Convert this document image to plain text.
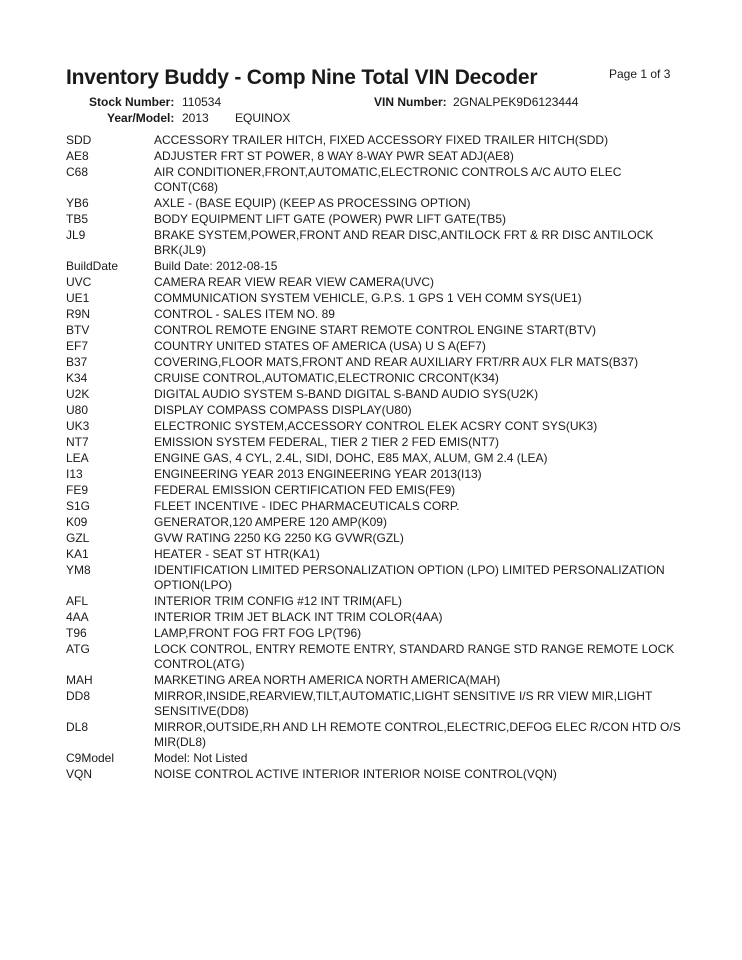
Inventory Buddy - Comp Nine Total VIN Decoder	Page 1 of 3
Stock Number: 110534	VIN Number: 2GNALPEK9D6123444
Year/Model: 2013 EQUINOX
SDD	ACCESSORY TRAILER HITCH, FIXED ACCESSORY FIXED TRAILER HITCH(SDD)
AE8	ADJUSTER FRT ST POWER, 8 WAY 8-WAY PWR SEAT ADJ(AE8)
C68	AIR CONDITIONER,FRONT,AUTOMATIC,ELECTRONIC CONTROLS A/C AUTO ELEC CONT(C68)
YB6	AXLE - (BASE EQUIP) (KEEP AS PROCESSING OPTION)
TB5	BODY EQUIPMENT LIFT GATE (POWER) PWR LIFT GATE(TB5)
JL9	BRAKE SYSTEM,POWER,FRONT AND REAR DISC,ANTILOCK FRT & RR DISC ANTILOCK BRK(JL9)
BuildDate	Build Date: 2012-08-15
UVC	CAMERA REAR VIEW REAR VIEW CAMERA(UVC)
UE1	COMMUNICATION SYSTEM VEHICLE, G.P.S. 1 GPS 1 VEH COMM SYS(UE1)
R9N	CONTROL - SALES ITEM NO. 89
BTV	CONTROL REMOTE ENGINE START REMOTE CONTROL ENGINE START(BTV)
EF7	COUNTRY UNITED STATES OF AMERICA (USA) U S A(EF7)
B37	COVERING,FLOOR MATS,FRONT AND REAR AUXILIARY FRT/RR AUX FLR MATS(B37)
K34	CRUISE CONTROL,AUTOMATIC,ELECTRONIC CRCONT(K34)
U2K	DIGITAL AUDIO SYSTEM S-BAND DIGITAL S-BAND AUDIO SYS(U2K)
U80	DISPLAY COMPASS COMPASS DISPLAY(U80)
UK3	ELECTRONIC SYSTEM,ACCESSORY CONTROL ELEK ACSRY CONT SYS(UK3)
NT7	EMISSION SYSTEM FEDERAL, TIER 2 TIER 2 FED EMIS(NT7)
LEA	ENGINE GAS, 4 CYL, 2.4L, SIDI, DOHC, E85 MAX, ALUM, GM 2.4 (LEA)
I13	ENGINEERING YEAR 2013 ENGINEERING YEAR 2013(I13)
FE9	FEDERAL EMISSION CERTIFICATION FED EMIS(FE9)
S1G	FLEET INCENTIVE - IDEC PHARMACEUTICALS CORP.
K09	GENERATOR,120 AMPERE 120 AMP(K09)
GZL	GVW RATING 2250 KG 2250 KG GVWR(GZL)
KA1	HEATER - SEAT ST HTR(KA1)
YM8	IDENTIFICATION LIMITED PERSONALIZATION OPTION (LPO) LIMITED PERSONALIZATION OPTION(LPO)
AFL	INTERIOR TRIM CONFIG #12 INT TRIM(AFL)
4AA	INTERIOR TRIM JET BLACK INT TRIM COLOR(4AA)
T96	LAMP,FRONT FOG FRT FOG LP(T96)
ATG	LOCK CONTROL, ENTRY REMOTE ENTRY, STANDARD RANGE STD RANGE REMOTE LOCK CONTROL(ATG)
MAH	MARKETING AREA NORTH AMERICA NORTH AMERICA(MAH)
DD8	MIRROR,INSIDE,REARVIEW,TILT,AUTOMATIC,LIGHT SENSITIVE I/S RR VIEW MIR,LIGHT SENSITIVE(DD8)
DL8	MIRROR,OUTSIDE,RH AND LH REMOTE CONTROL,ELECTRIC,DEFOG ELEC R/CON HTD O/S MIR(DL8)
C9Model	Model: Not Listed
VQN	NOISE CONTROL ACTIVE INTERIOR INTERIOR NOISE CONTROL(VQN)
